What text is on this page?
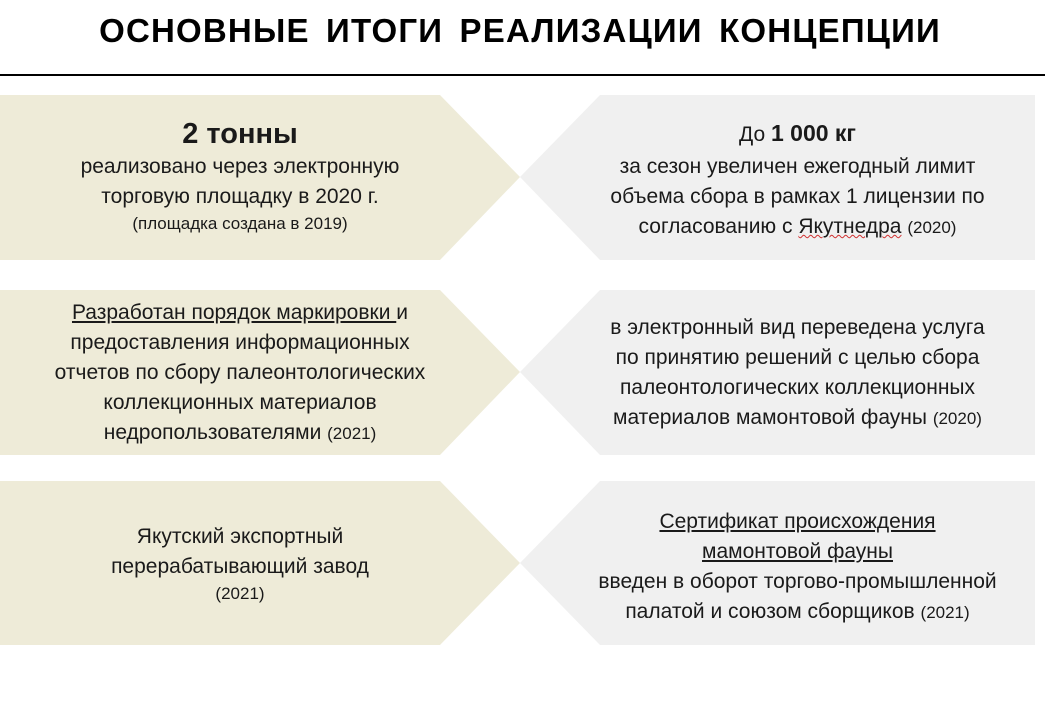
ОСНОВНЫЕ ИТОГИ РЕАЛИЗАЦИИ КОНЦЕПЦИИ
2 тонны
реализовано через электронную
торговую площадку в 2020 г.
(площадка создана в 2019)
До 1 000 кг
за сезон увеличен ежегодный лимит
объема сбора в рамках 1 лицензии по
согласованию с Якутнедра (2020)
Разработан порядок маркировки и
предоставления информационных
отчетов по сбору палеонтологических
коллекционных материалов
недропользователями (2021)
в электронный вид переведена услуга
по принятию решений с целью сбора
палеонтологических коллекционных
материалов мамонтовой фауны (2020)
Якутский экспортный
перерабатывающий завод
(2021)
Сертификат происхождения
мамонтовой фауны
введен в оборот торгово-промышленной
палатой и союзом сборщиков (2021)
